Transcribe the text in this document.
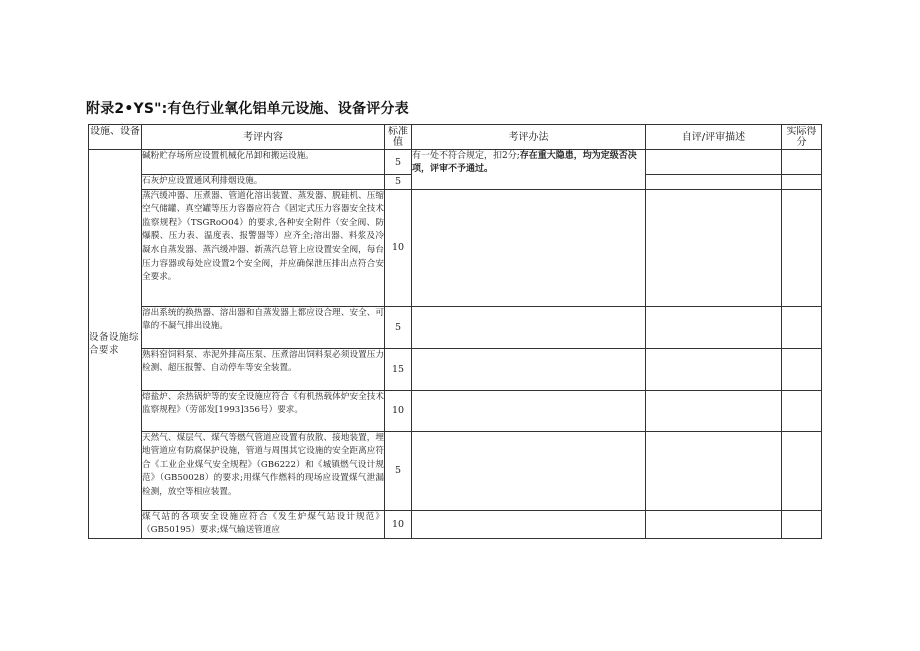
附录2•YS":有色行业氧化铝单元设施、设备评分表
设施、设备	考评内容	标准值	考评办法	自评/评审描述	实际得分

设备设施综合要求	碱粉贮存场所应设置机械化吊卸和搬运设施。	5	有一处不符合规定，扣2分;存在重大隐患，均为定级否决项，评审不予通过。		
	石灰炉应设置通风利排烟设施。	5			
	蒸汽缓冲器、压煮器、管道化溶出装置、蒸发器、脱硅机、压缩空气储罐、真空罐等压力容器应符合《固定式压力容器安全技术监察规程》（TSGRoO04）的要求,各种安全附件（安全阀、防爆膜、压力表、温度表、报警器等）应齐全;溶出器、料浆及冷凝水自蒸发器、蒸汽缓冲器、新蒸汽总管上应设置安全阀，每台压力容器或每处应设置2个安全阀，并应确保泄压排出点符合安全要求。	10			
	溶出系统的换热器、溶出器和自蒸发器上都应设合理、安全、可靠的不凝气排出设施。	5			
	熟料窑饲料泵、赤泥外排高压泵、压煮溶出饲料泵必须设置压力检测、超压报警、自动停车等安全装置。	15			
	熔盐炉、余热锅炉等的安全设施应符合《有机热载体炉安全技术监察规程》（劳部发[1993]356号）要求。	10			
	天然气、煤层气、煤气等燃气管道应设置有放散、接地装置，埋地管道应有防腐保护设施，管道与周围其它设施的安全距离应符合《工业企业煤气安全规程》（GB6222）和《城镇燃气设计规范》（GB50028）的要求;用煤气作燃料的现场应设置煤气泄漏检测，放空等相应装置。	5			
	煤气站的各项安全设施应符合《发生炉煤气站设计规范》（GB50195）要求;煤气输送管道应	10			
